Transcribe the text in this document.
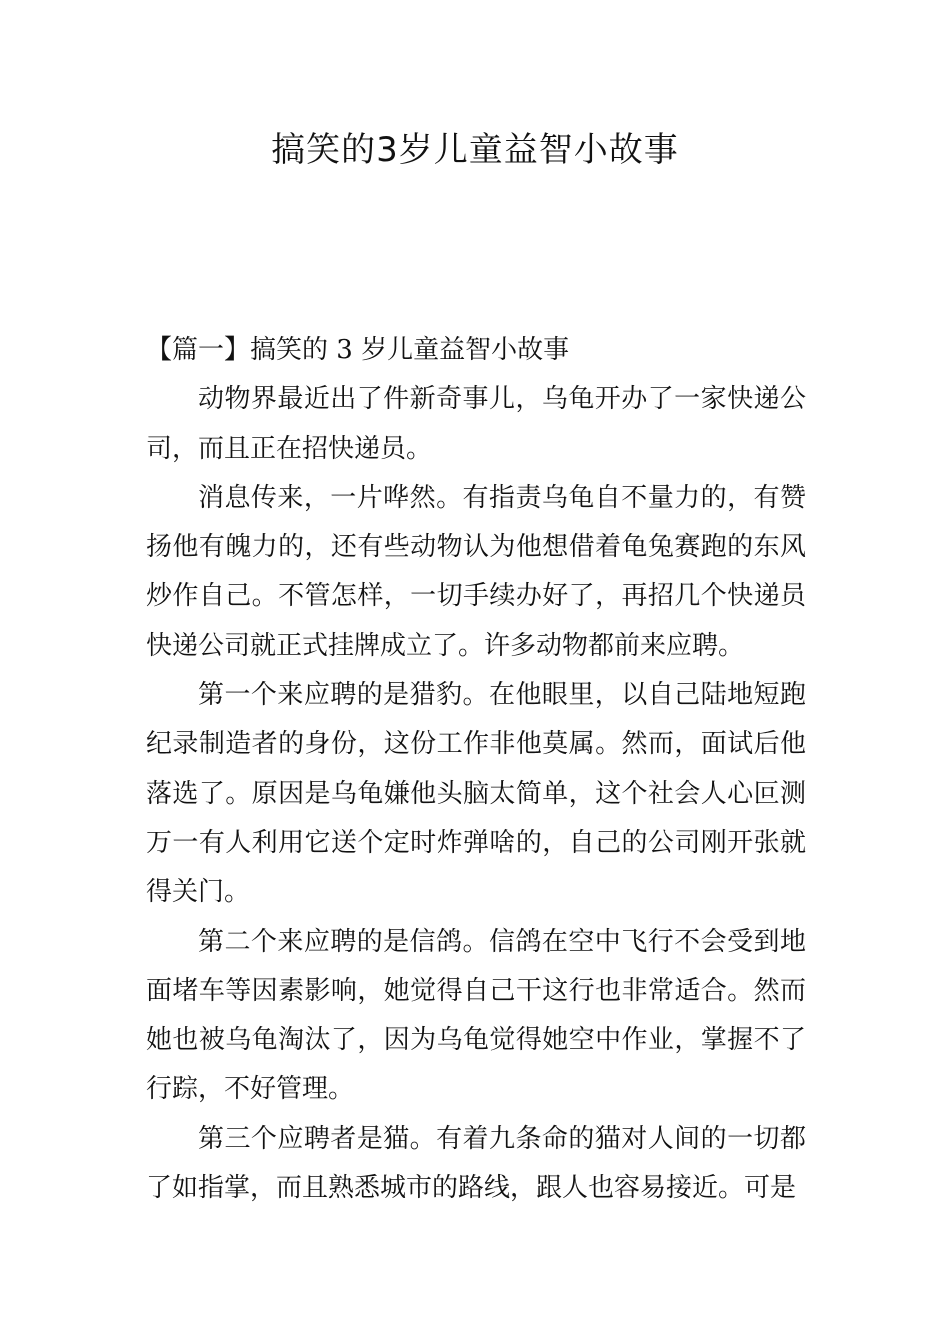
搞笑的3岁儿童益智小故事

【篇一】搞笑的 3 岁儿童益智小故事

动物界最近出了件新奇事儿，乌龟开办了一家快递公司，而且正在招快递员。

消息传来，一片哗然。有指责乌龟自不量力的，有赞扬他有魄力的，还有些动物认为他想借着龟兔赛跑的东风炒作自己。不管怎样，一切手续办好了，再招几个快递员快递公司就正式挂牌成立了。许多动物都前来应聘。

第一个来应聘的是猎豹。在他眼里，以自己陆地短跑纪录制造者的身份，这份工作非他莫属。然而，面试后他落选了。原因是乌龟嫌他头脑太简单，这个社会人心叵测万一有人利用它送个定时炸弹啥的，自己的公司刚开张就得关门。

第二个来应聘的是信鸽。信鸽在空中飞行不会受到地面堵车等因素影响，她觉得自己干这行也非常适合。然而她也被乌龟淘汰了，因为乌龟觉得她空中作业，掌握不了行踪，不好管理。

第三个应聘者是猫。有着九条命的猫对人间的一切都了如指掌，而且熟悉城市的路线，跟人也容易接近。可是
